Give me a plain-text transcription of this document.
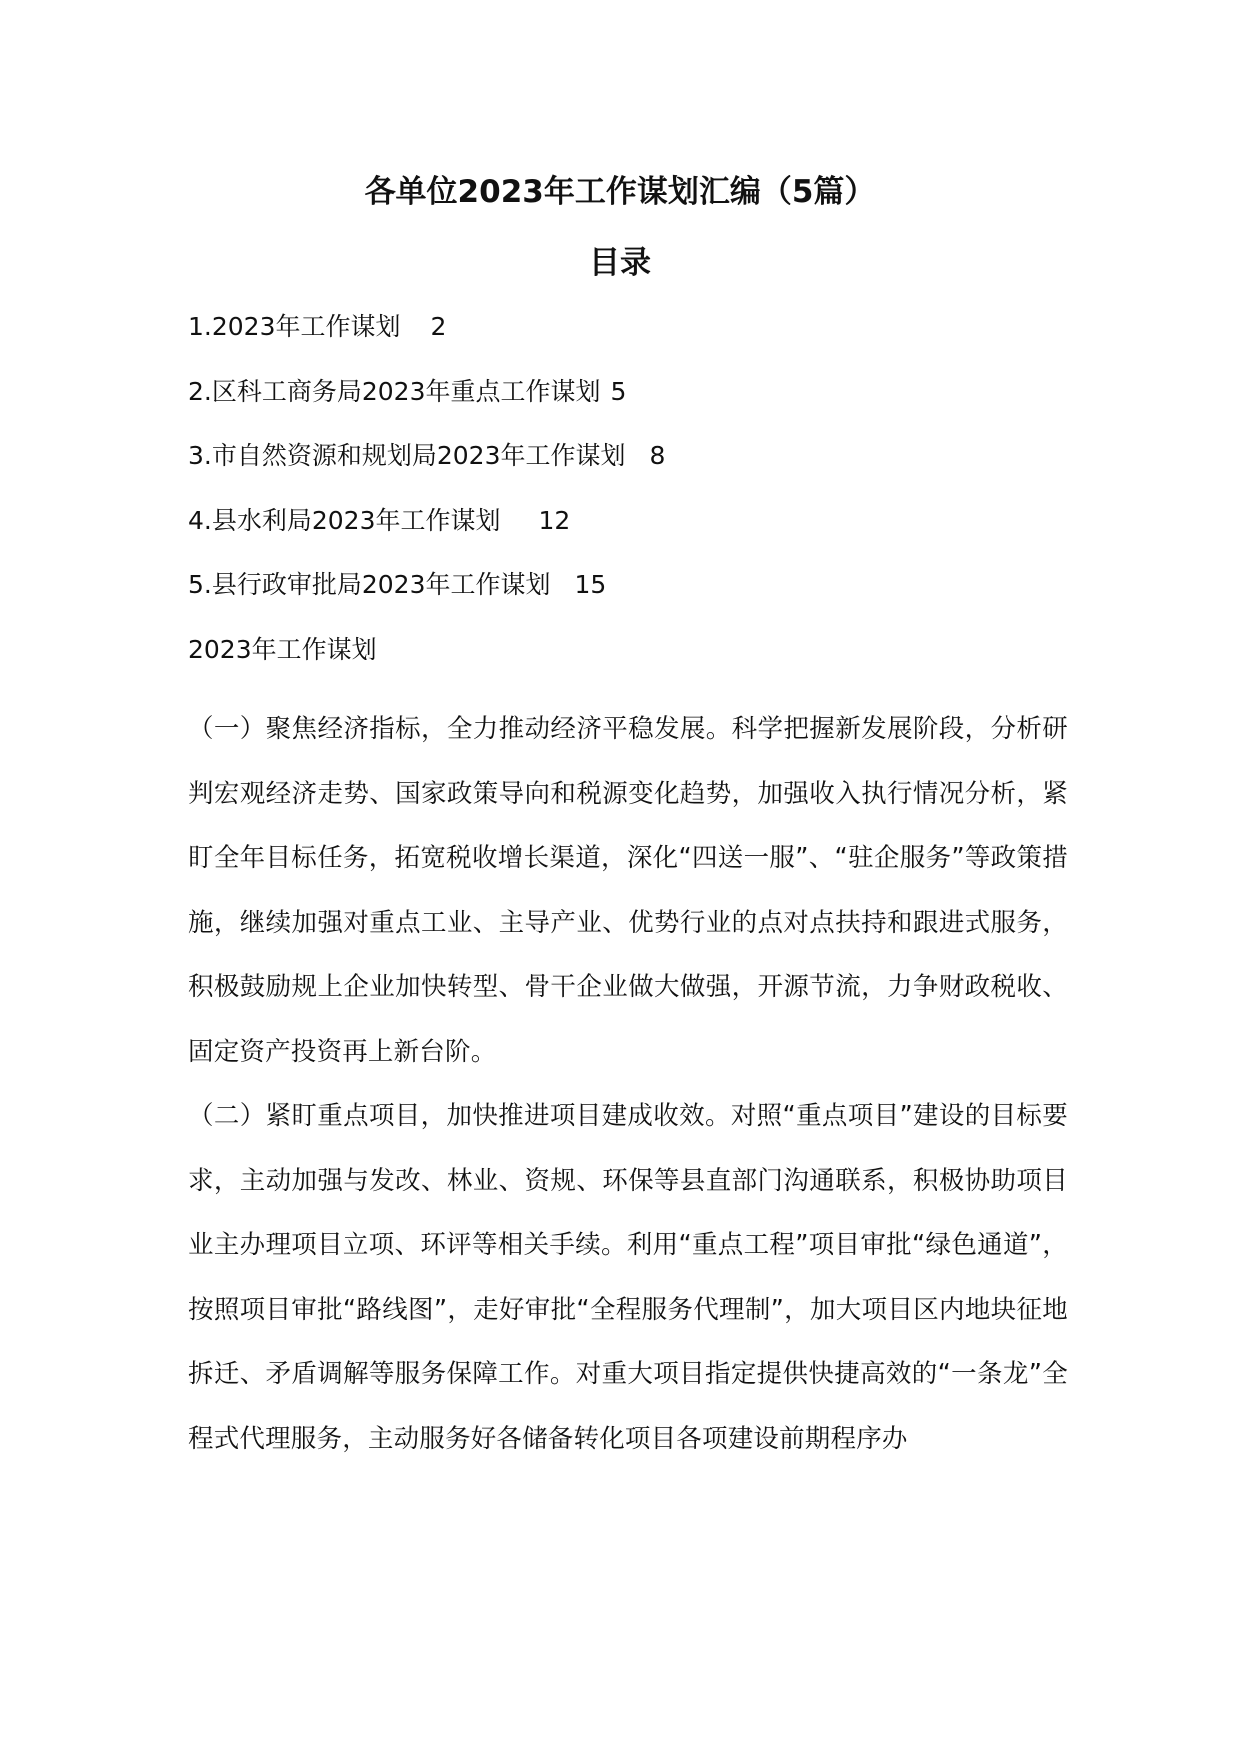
各单位2023年工作谋划汇编（5篇）
目录
1.2023年工作谋划 2
2.区科工商务局2023年重点工作谋划 5
3.市自然资源和规划局2023年工作谋划 8
4.县水利局2023年工作谋划 12
5.县行政审批局2023年工作谋划 15
2023年工作谋划

（一）聚焦经济指标，全力推动经济平稳发展。科学把握新发展阶段，分析研判宏观经济走势、国家政策导向和税源变化趋势，加强收入执行情况分析，紧盯全年目标任务，拓宽税收增长渠道，深化“四送一服”、“驻企服务”等政策措施，继续加强对重点工业、主导产业、优势行业的点对点扶持和跟进式服务，积极鼓励规上企业加快转型、骨干企业做大做强，开源节流，力争财政税收、固定资产投资再上新台阶。

（二）紧盯重点项目，加快推进项目建成收效。对照“重点项目”建设的目标要求，主动加强与发改、林业、资规、环保等县直部门沟通联系，积极协助项目业主办理项目立项、环评等相关手续。利用“重点工程”项目审批“绿色通道”，按照项目审批“路线图”，走好审批“全程服务代理制”，加大项目区内地块征地拆迁、矛盾调解等服务保障工作。对重大项目指定提供快捷高效的“一条龙”全程式代理服务，主动服务好各储备转化项目各项建设前期程序办
